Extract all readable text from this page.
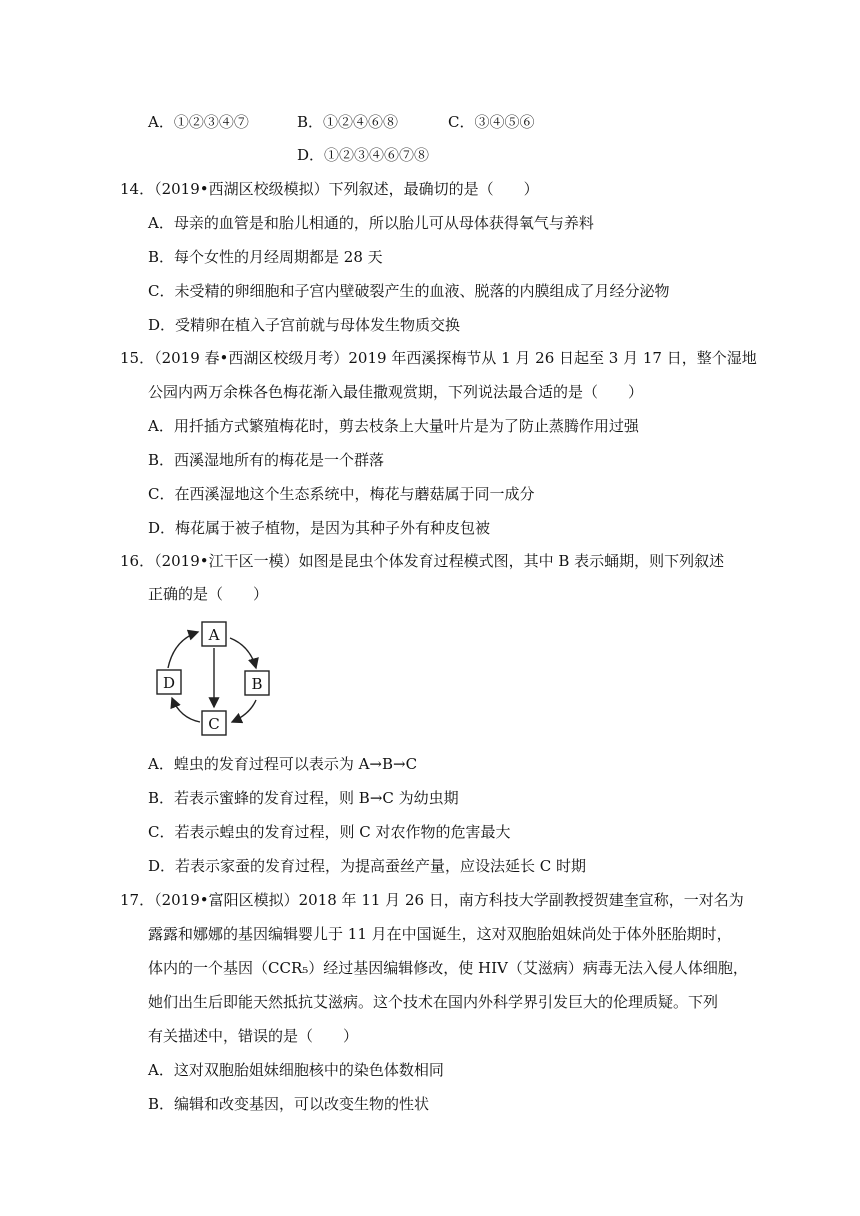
A．①②③④⑦	B．①②④⑥⑧	C．③④⑤⑥
D．①②③④⑥⑦⑧
14．（2019•西湖区校级模拟）下列叙述，最确切的是（　　）
A．母亲的血管是和胎儿相通的，所以胎儿可从母体获得氧气与养料
B．每个女性的月经周期都是 28 天
C．未受精的卵细胞和子宫内壁破裂产生的血液、脱落的内膜组成了月经分泌物
D．受精卵在植入子宫前就与母体发生物质交换
15．（2019 春•西湖区校级月考）2019 年西溪探梅节从 1 月 26 日起至 3 月 17 日，整个湿地
公园内两万余株各色梅花渐入最佳撒观赏期，下列说法最合适的是（　　）
A．用扦插方式繁殖梅花时，剪去枝条上大量叶片是为了防止蒸腾作用过强
B．西溪湿地所有的梅花是一个群落
C．在西溪湿地这个生态系统中，梅花与蘑菇属于同一成分
D．梅花属于被子植物，是因为其种子外有种皮包被
16．（2019•江干区一模）如图是昆虫个体发育过程模式图，其中 B 表示蛹期，则下列叙述
正确的是（　　）
A
B
C
D
A．蝗虫的发育过程可以表示为 A→B→C
B．若表示蜜蜂的发育过程，则 B→C 为幼虫期
C．若表示蝗虫的发育过程，则 C 对农作物的危害最大
D．若表示家蚕的发育过程，为提高蚕丝产量，应设法延长 C 时期
17．（2019•富阳区模拟）2018 年 11 月 26 日，南方科技大学副教授贺建奎宣称，一对名为
露露和娜娜的基因编辑婴儿于 11 月在中国诞生，这对双胞胎姐妹尚处于体外胚胎期时，
体内的一个基因（CCR₅）经过基因编辑修改，使 HIV（艾滋病）病毒无法入侵人体细胞，
她们出生后即能天然抵抗艾滋病。这个技术在国内外科学界引发巨大的伦理质疑。下列
有关描述中，错误的是（　　）
A．这对双胞胎姐妹细胞核中的染色体数相同
B．编辑和改变基因，可以改变生物的性状
